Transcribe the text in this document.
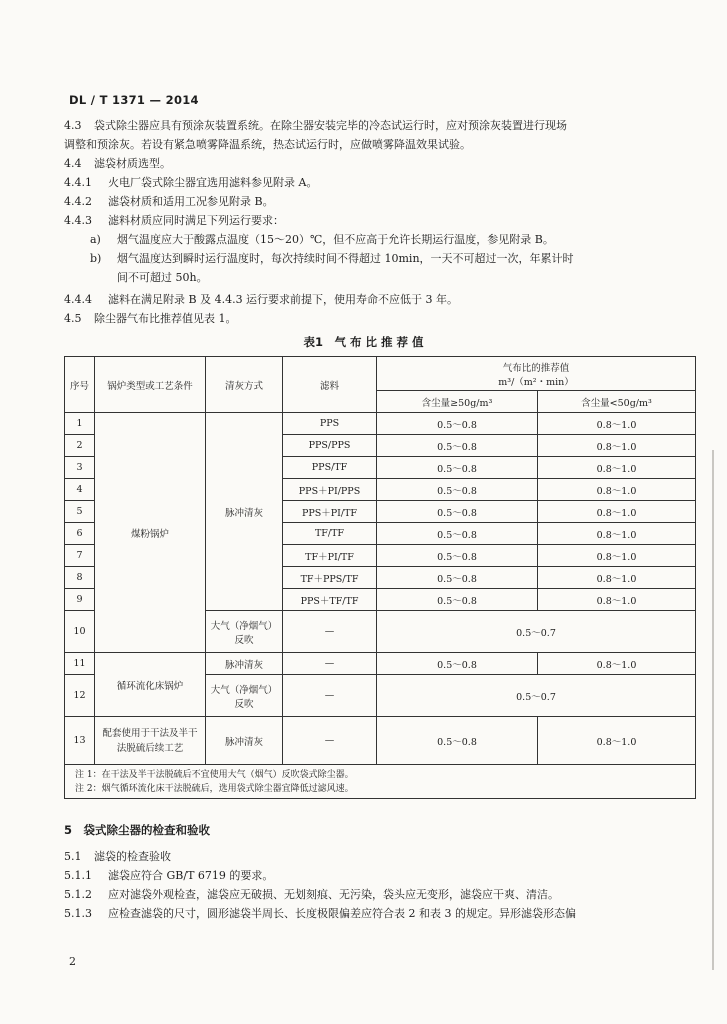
DL / T 1371 — 2014
4.3 袋式除尘器应具有预涂灰装置系统。在除尘器安装完毕的冷态试运行时，应对预涂灰装置进行现场
调整和预涂灰。若设有紧急喷雾降温系统，热态试运行时，应做喷雾降温效果试验。
4.4 滤袋材质选型。
4.4.1 火电厂袋式除尘器宜选用滤料参见附录 A。
4.4.2 滤袋材质和适用工况参见附录 B。
4.4.3 滤料材质应同时满足下列运行要求：
a) 烟气温度应大于酸露点温度（15～20）℃，但不应高于允许长期运行温度，参见附录 B。
b) 烟气温度达到瞬时运行温度时，每次持续时间不得超过 10min，一天不可超过一次，年累计时
间不可超过 50h。
4.4.4 滤料在满足附录 B 及 4.4.3 运行要求前提下，使用寿命不应低于 3 年。
4.5 除尘器气布比推荐值见表 1。
表1　气 布 比 推 荐 值
序号	锅炉类型或工艺条件	清灰方式	滤料	气布比的推荐值
m³/（m²・min）	

				含尘量≥50g/m³	含尘量<50g/m³
1	煤粉锅炉	脉冲清灰	PPS	0.5～0.8	0.8～1.0
2			PPS/PPS	0.5～0.8	0.8～1.0
3			PPS/TF	0.5～0.8	0.8～1.0
4			PPS＋PI/PPS	0.5～0.8	0.8～1.0
5			PPS＋PI/TF	0.5～0.8	0.8～1.0
6			TF/TF	0.5～0.8	0.8～1.0
7			TF＋PI/TF	0.5～0.8	0.8～1.0
8			TF＋PPS/TF	0.5～0.8	0.8～1.0
9			PPS＋TF/TF	0.5～0.8	0.8～1.0
10		大气（净烟气）反吹	—	0.5～0.7	
11	循环流化床锅炉	脉冲清灰	—	0.5～0.8	0.8～1.0
12		大气（净烟气）反吹	—	0.5～0.7	
13	配套使用于干法及半干法脱硫后续工艺	脉冲清灰	—	0.5～0.8	0.8～1.0

注 1：在干法及半干法脱硫后不宜使用大气（烟气）反吹袋式除尘器。
注 2：烟气循环流化床干法脱硫后，选用袋式除尘器宜降低过滤风速。					
5　袋式除尘器的检查和验收
5.1 滤袋的检查验收
5.1.1 滤袋应符合 GB/T 6719 的要求。
5.1.2 应对滤袋外观检查，滤袋应无破损、无划刻痕、无污染，袋头应无变形，滤袋应干爽、清洁。
5.1.3 应检查滤袋的尺寸，圆形滤袋半周长、长度极限偏差应符合表 2 和表 3 的规定。异形滤袋形态偏
2
